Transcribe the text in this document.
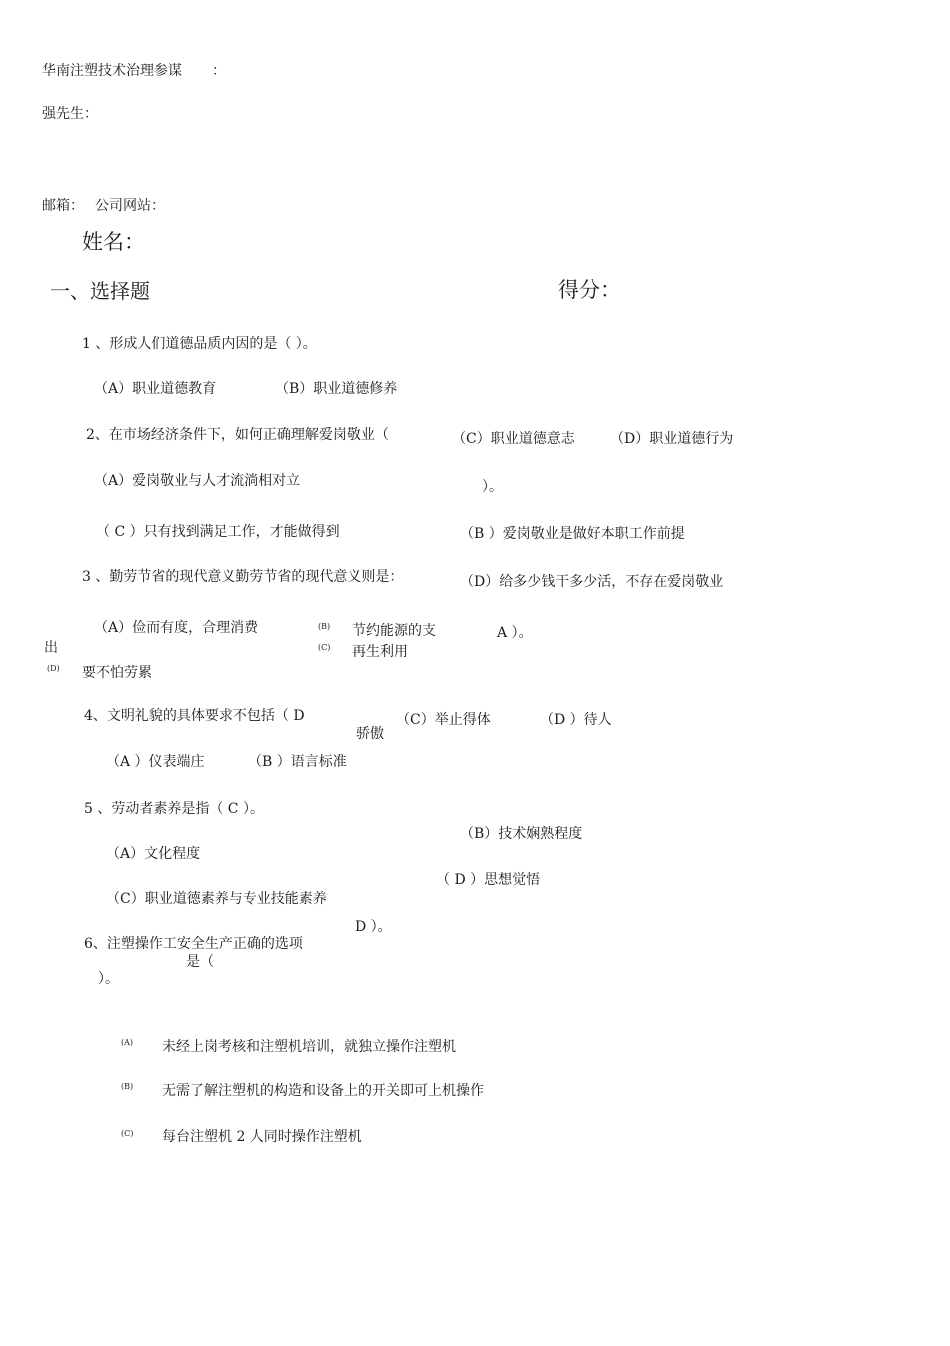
华南注塑技术治理参谋 ：
强先生：
邮箱： 公司网站：
姓名：
一、选择题	得分：
1 、形成人们道德品质内因的是（ ）。
（A）职业道德教育	（B）职业道德修养
（C）职业道德意志	（D）职业道德行为
2、在市场经济条件下，如何正确理解爱岗敬业（
（A）爱岗敬业与人才流淌相对立	）。
（ C ）只有找到满足工作，才能做得到	（B ）爱岗敬业是做好本职工作前提
（D）给多少钱干多少活，不存在爱岗敬业
3 、勤劳节省的现代意义勤劳节省的现代意义则是：
（A）俭而有度，合理消费	(B) 节约能源的支	A ）。
出	(C) 再生利用
(D) 要不怕劳累
4、文明礼貌的具体要求不包括（ D
骄傲
（C）举止得体	（D ）待人
（A ）仪表端庄	（B ）语言标准
5 、劳动者素养是指（ C ）。
（B）技术娴熟程度
（A）文化程度
（ D ）思想觉悟
（C）职业道德素养与专业技能素养
D ）。
6、注塑操作工安全生产正确的选项
是（
）。
(A) 未经上岗考核和注塑机培训，就独立操作注塑机
(B) 无需了解注塑机的构造和设备上的开关即可上机操作
(C) 每台注塑机 2 人同时操作注塑机
